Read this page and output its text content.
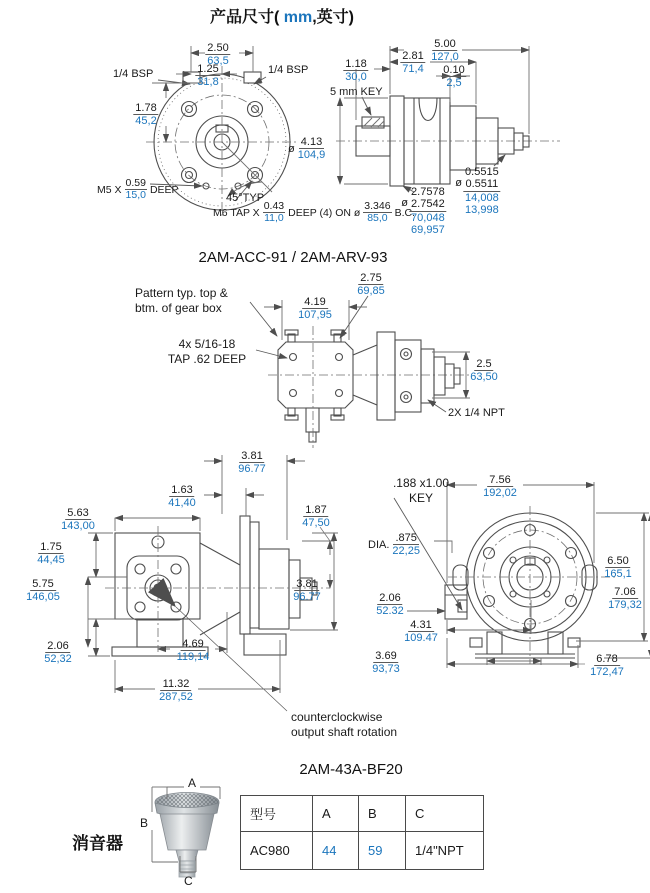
产品尺寸( mm,英寸)
2AM-ACC-91 / 2AM-ARV-93
2AM-43A-BF20
消音器
2.50
63,5
1.25
31,8
1/4 BSP	1/4 BSP
1.78
45,2
M5 X $\frac{0.59}{15,0}$ DEEP
45°TYP
M6 TAP X $\frac{0.43}{11,0}$ DEEP (4) ON ø $\frac{3.346}{85,0} B.C$.
5.00
127,0
2.81
71,4
1.18
30,0
0.10
2,5
5 mm KEY
ø
4.13
104,9
ø
0.5515
0.5511
14,008
13,998
ø
2.7578
2.7542
70,048
69,957
Pattern typ. top &
btm. of gear box
4x 5/16-18
TAP .62 DEEP
4.19
107,95
2.75
69,85
2.5
63,50
2X 1/4 NPT
3.81
96.77
1.63
41,40
5.63
143,00
1.75
44,45
5.75
146,05
1.87
47,50
3.81
96.77
2.06
52,32
4.69
119,14
11.32
287,52
counterclockwise
output shaft rotation
.188 x1.00
KEY
7.56
192,02
DIA.
.875
22,25
2.06
52.32
6.50
165,1
7.06
179,32
4.31
109.47
3.69
93,73
6.78
172,47
A
B
C
型号	A	B	C
AC980	44	59	1/4"NPT
